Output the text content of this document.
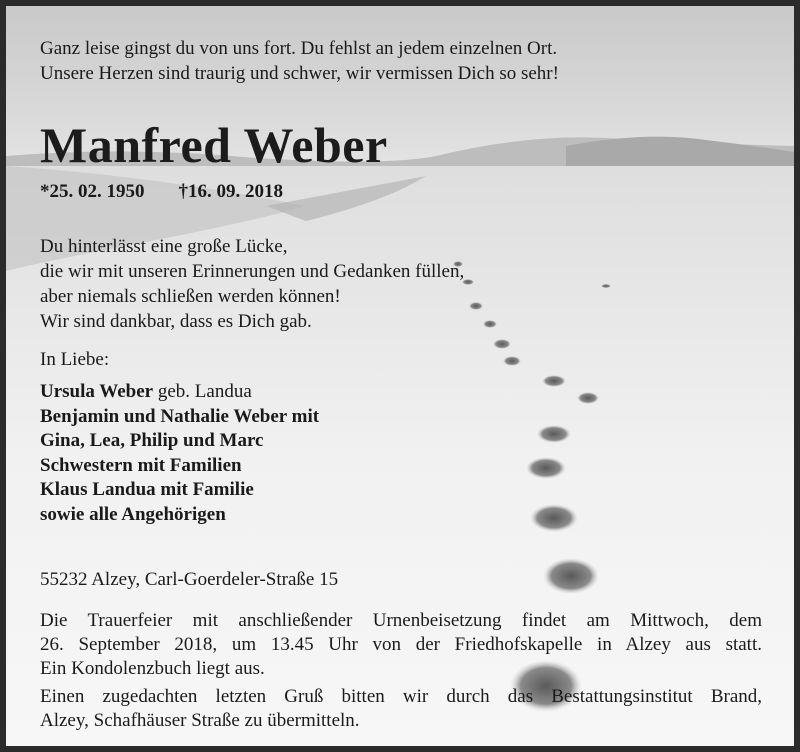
Ganz leise gingst du von uns fort. Du fehlst an jedem einzelnen Ort.
Unsere Herzen sind traurig und schwer, wir vermissen Dich so sehr!
Manfred Weber
*25. 02. 1950 †16. 09. 2018
Du hinterlässt eine große Lücke,
die wir mit unseren Erinnerungen und Gedanken füllen,
aber niemals schließen werden können!
Wir sind dankbar, dass es Dich gab.
In Liebe:
Ursula Weber geb. Landua
Benjamin und Nathalie Weber mit
Gina, Lea, Philip und Marc
Schwestern mit Familien
Klaus Landua mit Familie
sowie alle Angehörigen
55232 Alzey, Carl-Goerdeler-Straße 15

Die Trauerfeier mit anschließender Urnenbeisetzung findet am Mittwoch, dem
26. September 2018, um 13.45 Uhr von der Friedhofskapelle in Alzey aus statt.
Ein Kondolenzbuch liegt aus.

Einen zugedachten letzten Gruß bitten wir durch das Bestattungsinstitut Brand,
Alzey, Schafhäuser Straße zu übermitteln.
